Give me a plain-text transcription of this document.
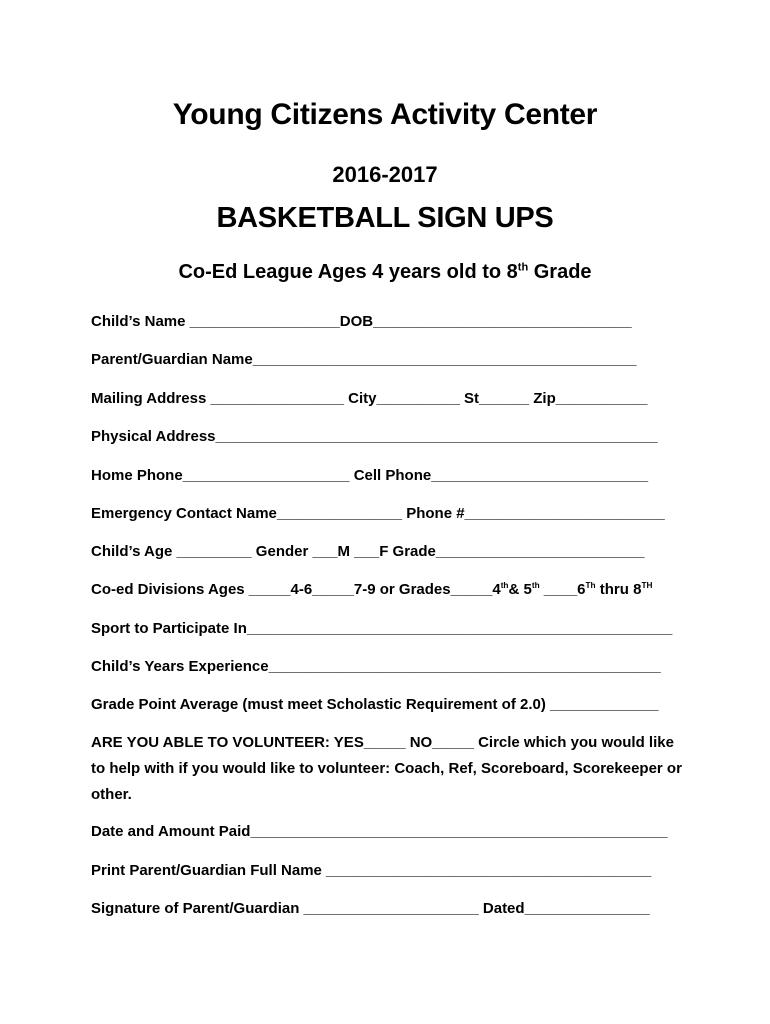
Young Citizens Activity Center
2016-2017
BASKETBALL SIGN UPS
Co-Ed League Ages 4 years old to 8th Grade
Child’s Name __________________DOB_______________________________
Parent/Guardian Name______________________________________________
Mailing Address ________________ City__________ St______ Zip___________
Physical Address_____________________________________________________
Home Phone____________________ Cell Phone__________________________
Emergency Contact Name_______________ Phone #________________________
Child’s Age _________ Gender ___M ___F Grade_________________________
Co-ed Divisions Ages _____4-6_____7-9 or Grades_____4th& 5th ____6Th thru 8TH
Sport to Participate In___________________________________________________
Child’s Years Experience_______________________________________________
Grade Point Average (must meet Scholastic Requirement of 2.0) _____________
ARE YOU ABLE TO VOLUNTEER: YES_____ NO_____ Circle which you would like to help with if you would like to volunteer: Coach, Ref, Scoreboard, Scorekeeper or other.
Date and Amount Paid__________________________________________________
Print Parent/Guardian Full Name _______________________________________
Signature of Parent/Guardian _____________________ Dated_______________
